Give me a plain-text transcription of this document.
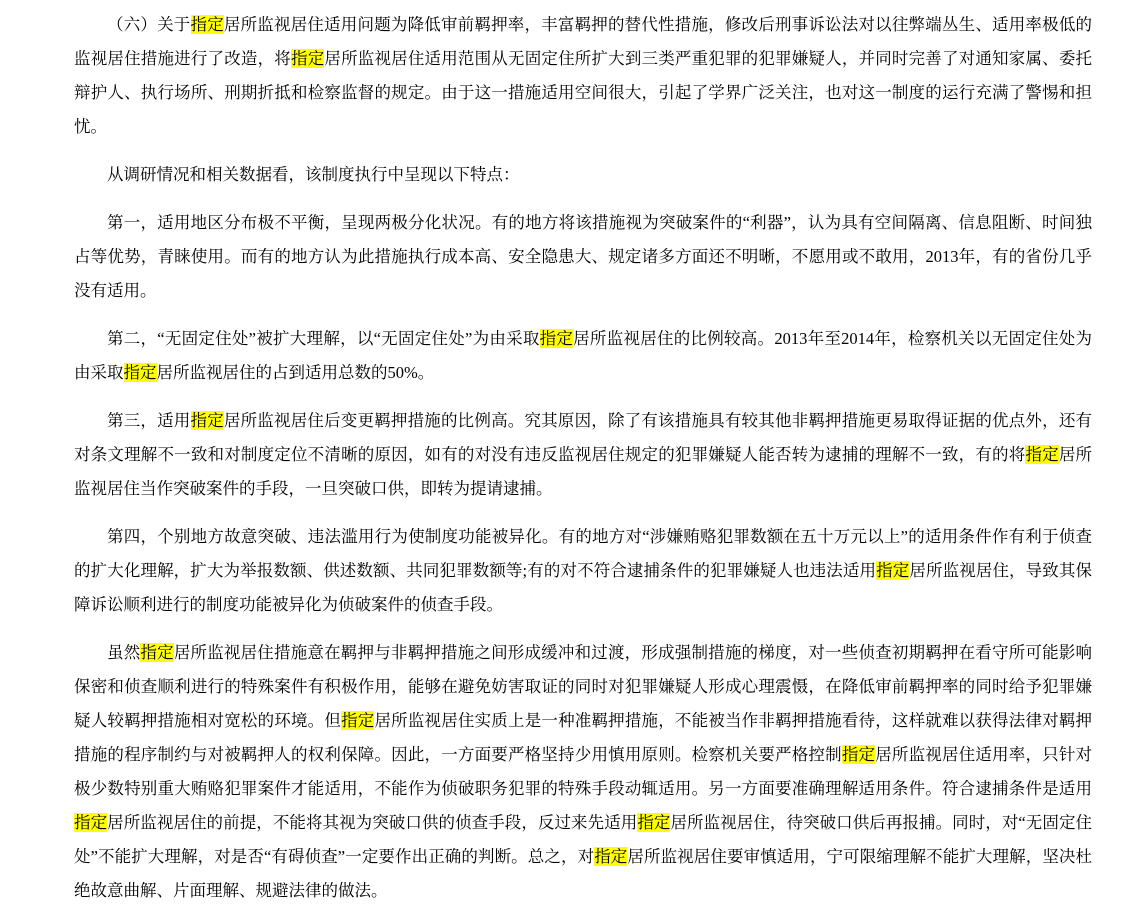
（六）关于指定居所监视居住适用问题为降低审前羁押率，丰富羁押的替代性措施，修改后刑事诉讼法对以往弊端丛生、适用率极低的监视居住措施进行了改造，将指定居所监视居住适用范围从无固定住所扩大到三类严重犯罪的犯罪嫌疑人，并同时完善了对通知家属、委托辩护人、执行场所、刑期折抵和检察监督的规定。由于这一措施适用空间很大，引起了学界广泛关注，也对这一制度的运行充满了警惕和担忧。

从调研情况和相关数据看，该制度执行中呈现以下特点：

第一，适用地区分布极不平衡，呈现两极分化状况。有的地方将该措施视为突破案件的“利器”，认为具有空间隔离、信息阻断、时间独占等优势，青睐使用。而有的地方认为此措施执行成本高、安全隐患大、规定诸多方面还不明晰，不愿用或不敢用，2013年，有的省份几乎没有适用。

第二，“无固定住处”被扩大理解，以“无固定住处”为由采取指定居所监视居住的比例较高。2013年至2014年，检察机关以无固定住处为由采取指定居所监视居住的占到适用总数的50%。

第三，适用指定居所监视居住后变更羁押措施的比例高。究其原因，除了有该措施具有较其他非羁押措施更易取得证据的优点外，还有对条文理解不一致和对制度定位不清晰的原因，如有的对没有违反监视居住规定的犯罪嫌疑人能否转为逮捕的理解不一致，有的将指定居所监视居住当作突破案件的手段，一旦突破口供，即转为提请逮捕。

第四，个别地方故意突破、违法滥用行为使制度功能被异化。有的地方对“涉嫌贿赂犯罪数额在五十万元以上”的适用条件作有利于侦查的扩大化理解，扩大为举报数额、供述数额、共同犯罪数额等;有的对不符合逮捕条件的犯罪嫌疑人也违法适用指定居所监视居住，导致其保障诉讼顺利进行的制度功能被异化为侦破案件的侦查手段。

虽然指定居所监视居住措施意在羁押与非羁押措施之间形成缓冲和过渡，形成强制措施的梯度，对一些侦查初期羁押在看守所可能影响保密和侦查顺利进行的特殊案件有积极作用，能够在避免妨害取证的同时对犯罪嫌疑人形成心理震慑，在降低审前羁押率的同时给予犯罪嫌疑人较羁押措施相对宽松的环境。但指定居所监视居住实质上是一种准羁押措施，不能被当作非羁押措施看待，这样就难以获得法律对羁押措施的程序制约与对被羁押人的权利保障。因此，一方面要严格坚持少用慎用原则。检察机关要严格控制指定居所监视居住适用率，只针对极少数特别重大贿赂犯罪案件才能适用，不能作为侦破职务犯罪的特殊手段动辄适用。另一方面要准确理解适用条件。符合逮捕条件是适用指定居所监视居住的前提，不能将其视为突破口供的侦查手段，反过来先适用指定居所监视居住，待突破口供后再报捕。同时，对“无固定住处”不能扩大理解，对是否“有碍侦查”一定要作出正确的判断。总之，对指定居所监视居住要审慎适用，宁可限缩理解不能扩大理解，坚决杜绝故意曲解、片面理解、规避法律的做法。
